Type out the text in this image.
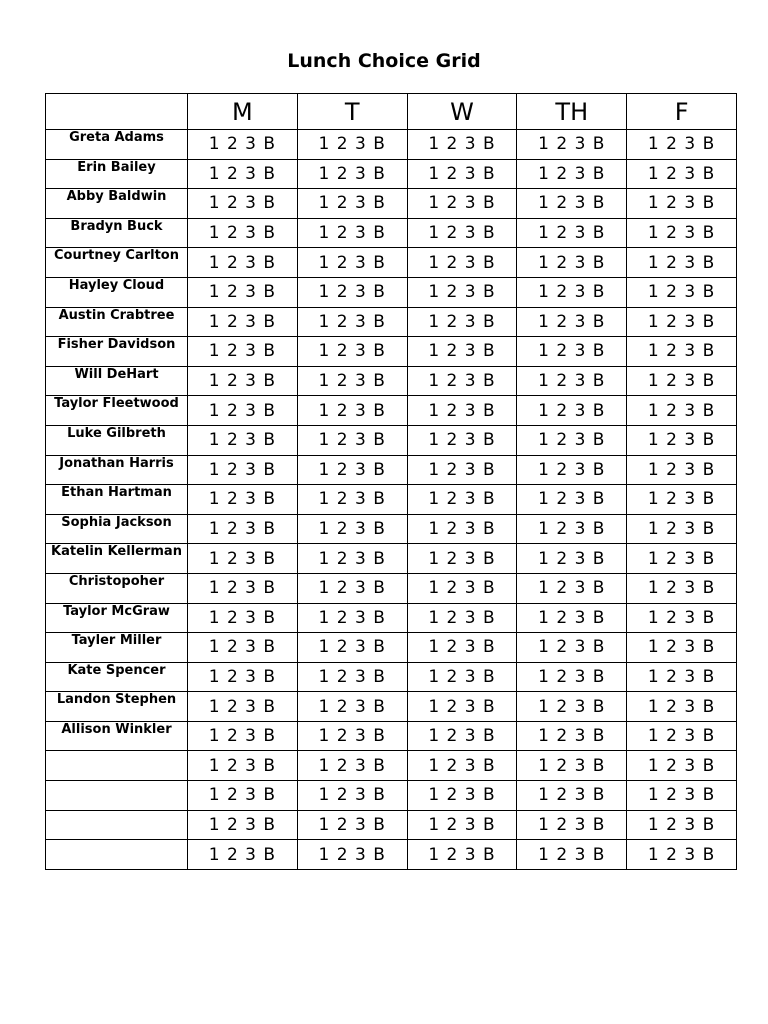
Lunch Choice Grid
	M	T	W	TH	F
Greta Adams	1 2 3 B	1 2 3 B	1 2 3 B	1 2 3 B	1 2 3 B
Erin Bailey	1 2 3 B	1 2 3 B	1 2 3 B	1 2 3 B	1 2 3 B
Abby Baldwin	1 2 3 B	1 2 3 B	1 2 3 B	1 2 3 B	1 2 3 B
Bradyn Buck	1 2 3 B	1 2 3 B	1 2 3 B	1 2 3 B	1 2 3 B
Courtney Carlton	1 2 3 B	1 2 3 B	1 2 3 B	1 2 3 B	1 2 3 B
Hayley Cloud	1 2 3 B	1 2 3 B	1 2 3 B	1 2 3 B	1 2 3 B
Austin Crabtree	1 2 3 B	1 2 3 B	1 2 3 B	1 2 3 B	1 2 3 B
Fisher Davidson	1 2 3 B	1 2 3 B	1 2 3 B	1 2 3 B	1 2 3 B
Will DeHart	1 2 3 B	1 2 3 B	1 2 3 B	1 2 3 B	1 2 3 B
Taylor Fleetwood	1 2 3 B	1 2 3 B	1 2 3 B	1 2 3 B	1 2 3 B
Luke Gilbreth	1 2 3 B	1 2 3 B	1 2 3 B	1 2 3 B	1 2 3 B
Jonathan Harris	1 2 3 B	1 2 3 B	1 2 3 B	1 2 3 B	1 2 3 B
Ethan Hartman	1 2 3 B	1 2 3 B	1 2 3 B	1 2 3 B	1 2 3 B
Sophia Jackson	1 2 3 B	1 2 3 B	1 2 3 B	1 2 3 B	1 2 3 B
Katelin Kellerman	1 2 3 B	1 2 3 B	1 2 3 B	1 2 3 B	1 2 3 B
Christopoher	1 2 3 B	1 2 3 B	1 2 3 B	1 2 3 B	1 2 3 B
Taylor McGraw	1 2 3 B	1 2 3 B	1 2 3 B	1 2 3 B	1 2 3 B
Tayler Miller	1 2 3 B	1 2 3 B	1 2 3 B	1 2 3 B	1 2 3 B
Kate Spencer	1 2 3 B	1 2 3 B	1 2 3 B	1 2 3 B	1 2 3 B
Landon Stephen	1 2 3 B	1 2 3 B	1 2 3 B	1 2 3 B	1 2 3 B
Allison Winkler	1 2 3 B	1 2 3 B	1 2 3 B	1 2 3 B	1 2 3 B
	1 2 3 B	1 2 3 B	1 2 3 B	1 2 3 B	1 2 3 B
	1 2 3 B	1 2 3 B	1 2 3 B	1 2 3 B	1 2 3 B
	1 2 3 B	1 2 3 B	1 2 3 B	1 2 3 B	1 2 3 B
	1 2 3 B	1 2 3 B	1 2 3 B	1 2 3 B	1 2 3 B
